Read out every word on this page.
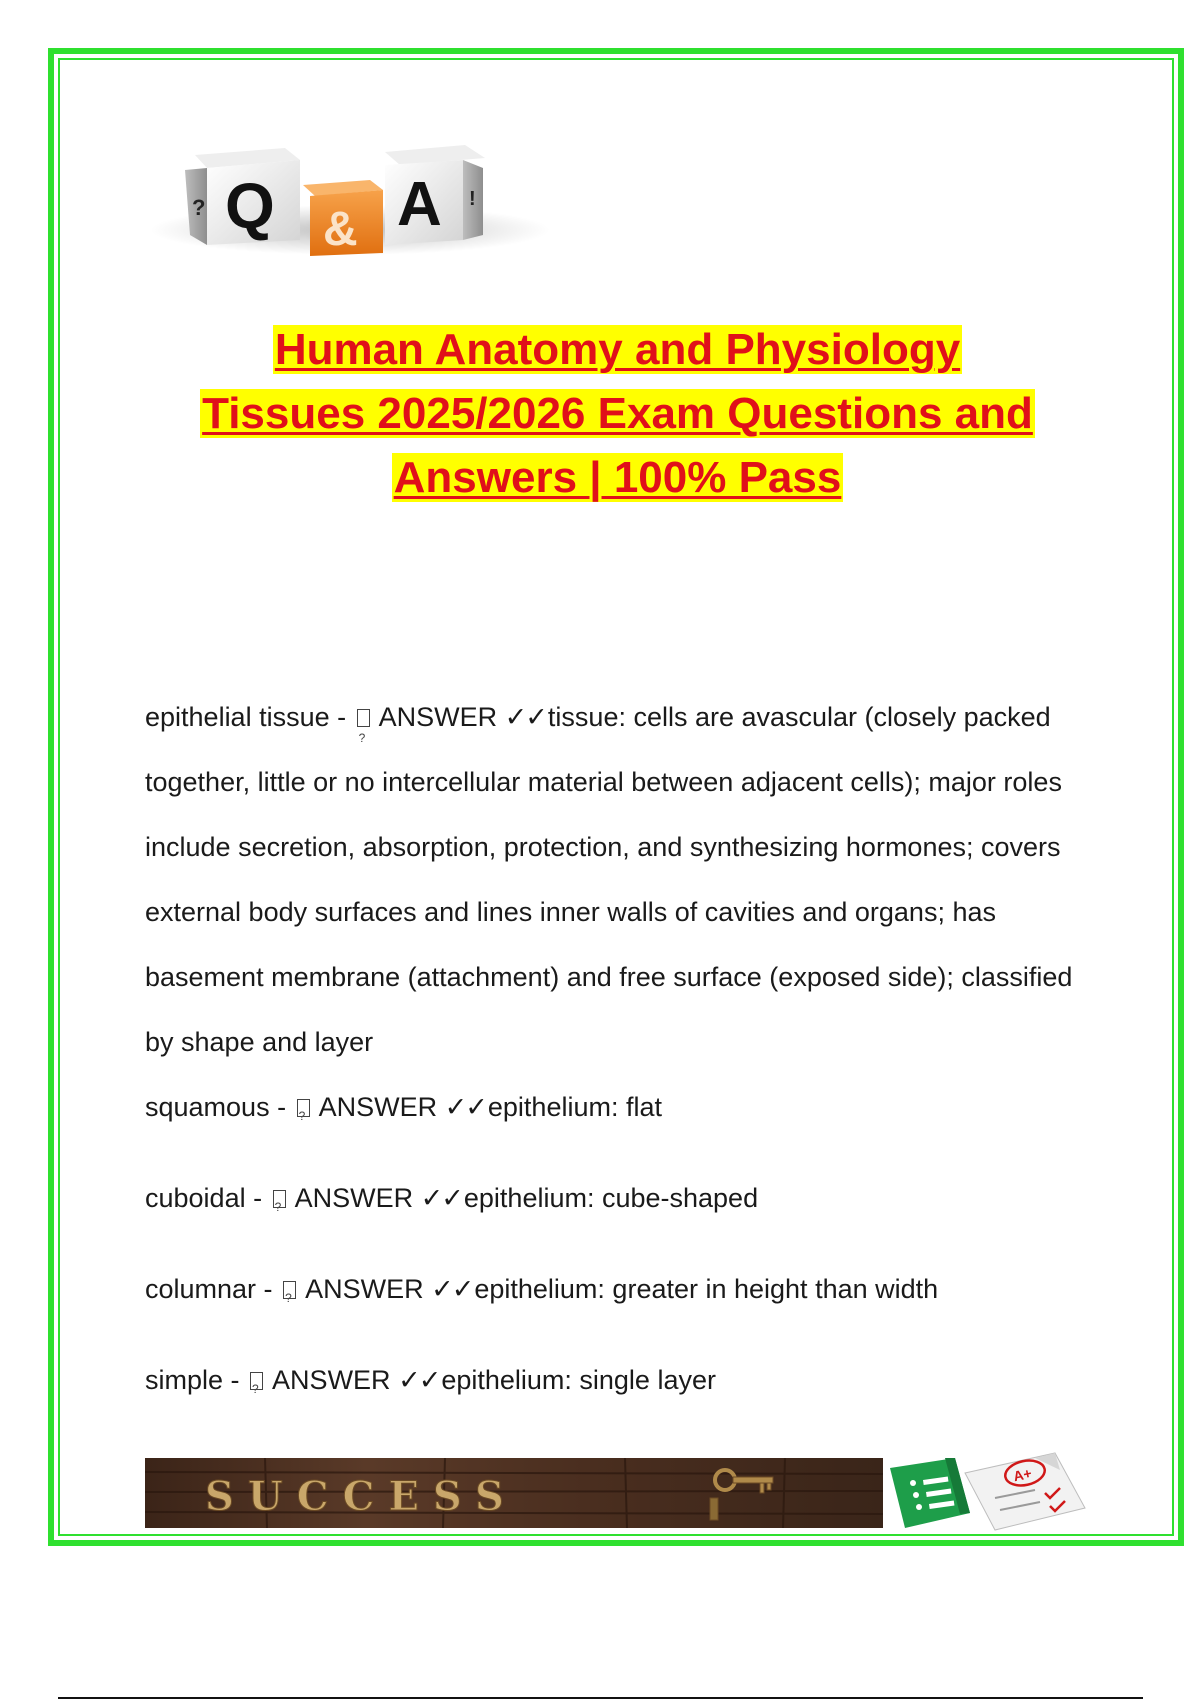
? Q & A !
Human Anatomy and Physiology
Tissues 2025/2026 Exam Questions and
Answers | 100% Pass
epithelial tissue - ? ANSWER ✓✓tissue: cells are avascular (closely packed together, little or no intercellular material between adjacent cells); major roles include secretion, absorption, protection, and synthesizing hormones; covers external body surfaces and lines inner walls of cavities and organs; has basement membrane (attachment) and free surface (exposed side); classified by shape and layer
squamous - ? ANSWER ✓✓epithelium: flat
cuboidal - ? ANSWER ✓✓epithelium: cube-shaped
columnar - ? ANSWER ✓✓epithelium: greater in height than width
simple - ? ANSWER ✓✓epithelium: single layer
SUCCESS	A+
